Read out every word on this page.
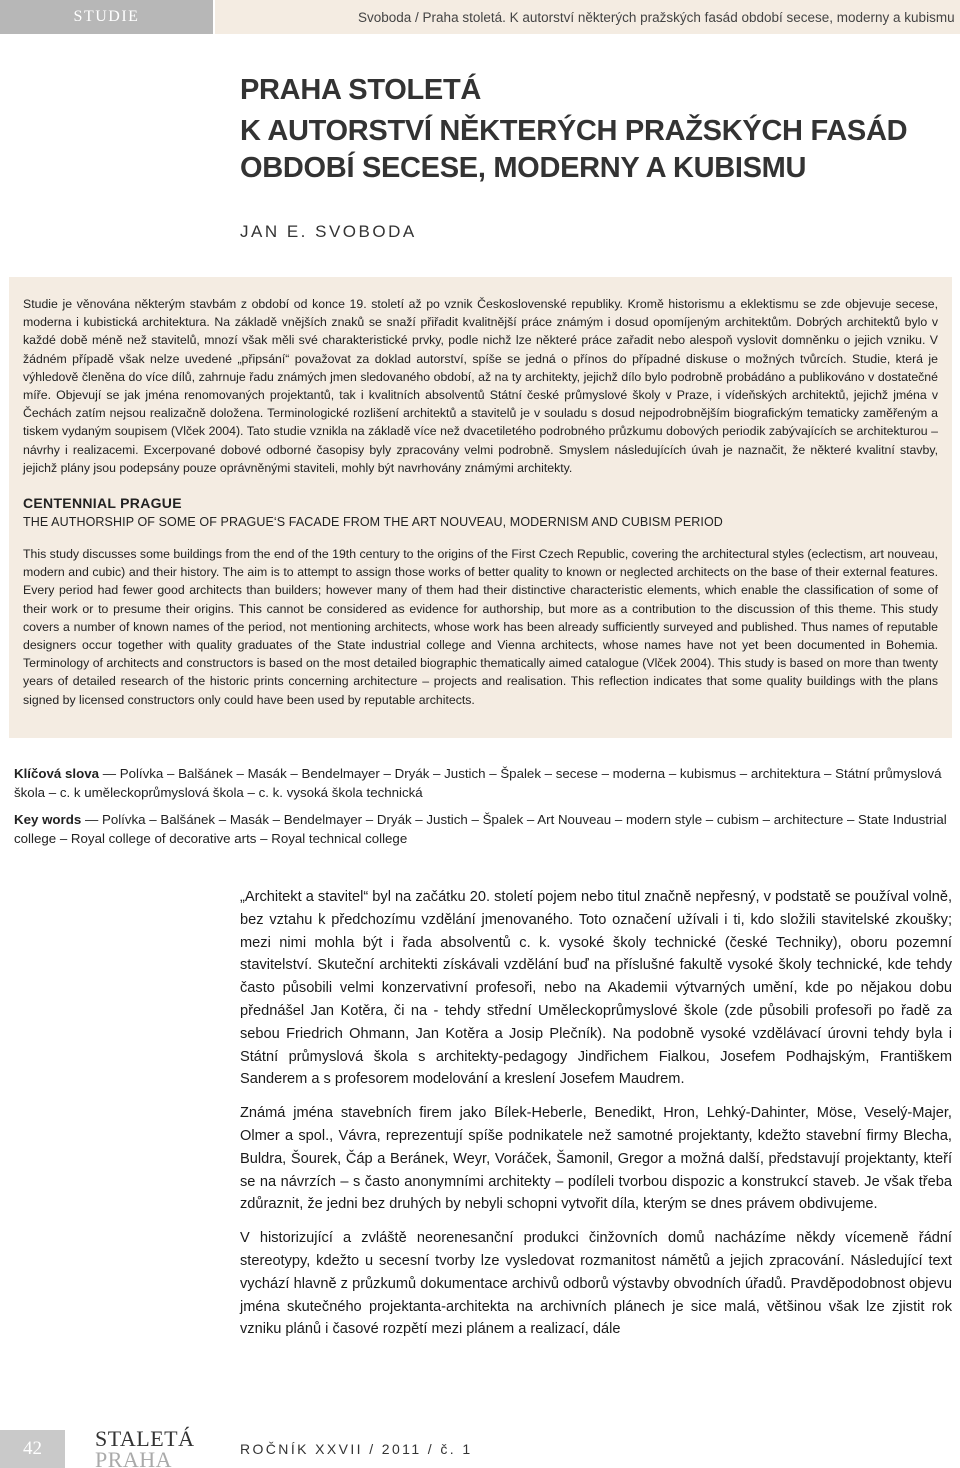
STUDIE	Svoboda / Praha stoletá. K autorství některých pražských fasád období secese, moderny a kubismu
PRAHA STOLETÁ
K AUTORSTVÍ NĚKTERÝCH PRAŽSKÝCH FASÁD OBDOBÍ SECESE, MODERNY A KUBISMU
JAN E. SVOBODA

Studie je věnována některým stavbám z období od konce 19. století až po vznik Československé republiky. Kromě historismu a eklektismu se zde objevuje secese, moderna i kubistická architektura. Na základě vnějších znaků se snaží přiřadit kvalitnější práce známým i dosud opomíjeným architektům. Dobrých architektů bylo v každé době méně než stavitelů, mnozí však měli své charakteristické prvky, podle nichž lze některé práce zařadit nebo alespoň vyslovit domněnku o jejich vzniku. V žádném případě však nelze uvedené „připsání“ považovat za doklad autorství, spíše se jedná o přínos do případné diskuse o možných tvůrcích. Studie, která je výhledově členěna do více dílů, zahrnuje řadu známých jmen sledovaného období, až na ty architekty, jejichž dílo bylo podrobně probádáno a publikováno v dostatečné míře. Objevují se jak jména renomovaných projektantů, tak i kvalitních absolventů Státní české průmyslové školy v Praze, i vídeňských architektů, jejichž jména v Čechách zatím nejsou realizačně doložena. Terminologické rozlišení architektů a stavitelů je v souladu s dosud nejpodrobnějším biografickým tematicky zaměřeným a tiskem vydaným soupisem (Vlček 2004). Tato studie vznikla na základě více než dvacetiletého podrobného průzkumu dobových periodik zabývajících se architekturou – návrhy i realizacemi. Excerpované dobové odborné časopisy byly zpracovány velmi podrobně. Smyslem následujících úvah je naznačit, že některé kvalitní stavby, jejichž plány jsou podepsány pouze oprávněnými staviteli, mohly být navrhovány známými architekty.

CENTENNIAL PRAGUE
THE AUTHORSHIP OF SOME OF PRAGUE‘S FACADE FROM THE ART NOUVEAU, MODERNISM AND CUBISM PERIOD

This study discusses some buildings from the end of the 19th century to the origins of the First Czech Republic, covering the architectural styles (eclectism, art nouveau, modern and cubic) and their history. The aim is to attempt to assign those works of better quality to known or neglected architects on the base of their external features. Every period had fewer good architects than builders; however many of them had their distinctive characteristic elements, which enable the classification of some of their work or to presume their origins. This cannot be considered as evidence for authorship, but more as a contribution to the discussion of this theme. This study covers a number of known names of the period, not mentioning architects, whose work has been already sufficiently surveyed and published. Thus names of reputable designers occur together with quality graduates of the State industrial college and Vienna architects, whose names have not yet been documented in Bohemia. Terminology of architects and constructors is based on the most detailed biographic thematically aimed catalogue (Vlček 2004). This study is based on more than twenty years of detailed research of the historic prints concerning architecture – projects and realisation. This reflection indicates that some quality buildings with the plans signed by licensed constructors only could have been used by reputable architects.

Klíčová slova — Polívka – Balšánek – Masák – Bendelmayer – Dryák – Justich – Špalek – secese – moderna – kubismus – architektura – Státní průmyslová škola – c. k uměleckoprůmyslová škola – c. k. vysoká škola technická

Key words — Polívka – Balšánek – Masák – Bendelmayer – Dryák – Justich – Špalek – Art Nouveau – modern style – cubism – architecture – State Industrial college – Royal college of decorative arts – Royal technical college

„Architekt a stavitel“ byl na začátku 20. století pojem nebo titul značně nepřesný, v podstatě se používal volně, bez vztahu k předchozímu vzdělání jmenovaného. Toto označení užívali i ti, kdo složili stavitelské zkoušky; mezi nimi mohla být i řada absolventů c. k. vysoké školy technické (české Techniky), oboru pozemní stavitelství. Skuteční architekti získávali vzdělání buď na příslušné fakultě vysoké školy technické, kde tehdy často působili velmi konzervativní profesoři, nebo na Akademii výtvarných umění, kde po nějakou dobu přednášel Jan Kotěra, či na - tehdy střední Uměleckoprůmyslové škole (zde působili profesoři po řadě za sebou Friedrich Ohmann, Jan Kotěra a Josip Plečník). Na podobně vysoké vzdělávací úrovni tehdy byla i Státní průmyslová škola s architekty-pedagogy Jindřichem Fialkou, Josefem Podhajským, Františkem Sanderem a s profesorem modelování a kreslení Josefem Maudrem.

Známá jména stavebních firem jako Bílek-Heberle, Benedikt, Hron, Lehký-Dahinter, Möse, Veselý-Majer, Olmer a spol., Vávra, reprezentují spíše podnikatele než samotné projektanty, kdežto stavební firmy Blecha, Buldra, Šourek, Čáp a Beránek, Weyr, Voráček, Šamonil, Gregor a možná další, představují projektanty, kteří se na návrzích – s často anonymními architekty – podíleli tvorbou dispozic a konstrukcí staveb. Je však třeba zdůraznit, že jedni bez druhých by nebyli schopni vytvořit díla, kterým se dnes právem obdivujeme.

V historizující a zvláště neorenesanční produkci činžovních domů nacházíme někdy vícemeně řádní stereotypy, kdežto u secesní tvorby lze vysledovat rozmanitost námětů a jejich zpracování. Následující text vychází hlavně z průzkumů dokumentace archivů odborů výstavby obvodních úřadů. Pravděpodobnost objevu jména skutečného projektanta-architekta na archivních plánech je sice malá, většinou však lze zjistit rok vzniku plánů i časové rozpětí mezi plánem a realizací, dále

42	STALETÁ
PRAHA	ROČNÍK XXVII / 2011 / č. 1
